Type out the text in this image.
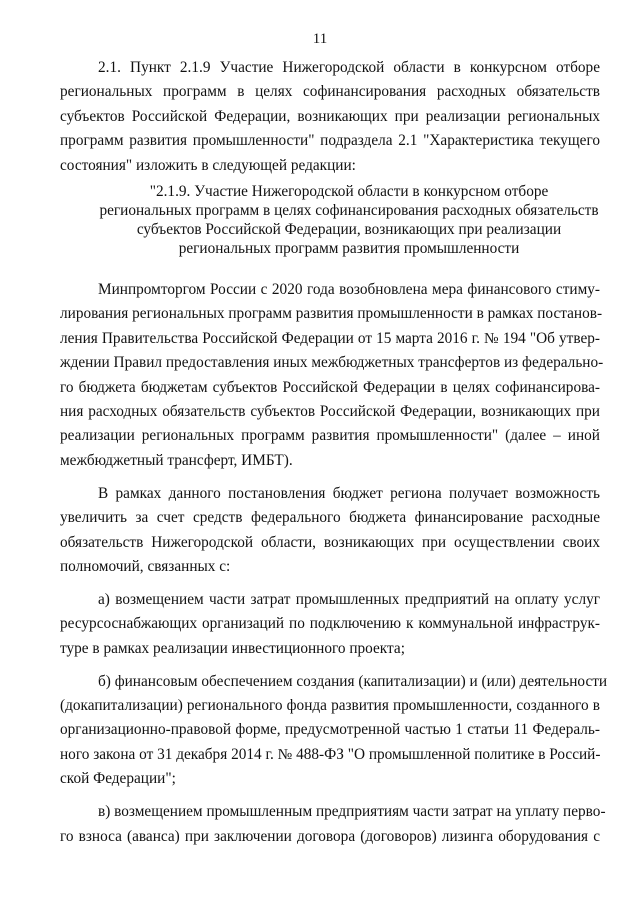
11
2.1. Пункт 2.1.9 Участие Нижегородской области в конкурсном отборе
региональных программ в целях софинансирования расходных обязательств
субъектов Российской Федерации, возникающих при реализации региональных
программ развития промышленности" подраздела 2.1 "Характеристика текущего
состояния" изложить в следующей редакции:
"2.1.9. Участие Нижегородской области в конкурсном отборе
региональных программ в целях софинансирования расходных обязательств
субъектов Российской Федерации, возникающих при реализации
региональных программ развития промышленности
Минпромторгом России с 2020 года возобновлена мера финансового стиму-
лирования региональных программ развития промышленности в рамках постанов-
ления Правительства Российской Федерации от 15 марта 2016 г. № 194 "Об утвер-
ждении Правил предоставления иных межбюджетных трансфертов из федерально-
го бюджета бюджетам субъектов Российской Федерации в целях софинансирова-
ния расходных обязательств субъектов Российской Федерации, возникающих при
реализации региональных программ развития промышленности" (далее – иной
межбюджетный трансферт, ИМБТ).
В рамках данного постановления бюджет региона получает возможность
увеличить за счет средств федерального бюджета финансирование расходные
обязательств Нижегородской области, возникающих при осуществлении своих
полномочий, связанных с:
а) возмещением части затрат промышленных предприятий на оплату услуг
ресурсоснабжающих организаций по подключению к коммунальной инфраструк-
туре в рамках реализации инвестиционного проекта;
б) финансовым обеспечением создания (капитализации) и (или) деятельности
(докапитализации) регионального фонда развития промышленности, созданного в
организационно-правовой форме, предусмотренной частью 1 статьи 11 Федераль-
ного закона от 31 декабря 2014 г. № 488-ФЗ "О промышленной политике в Россий-
ской Федерации";
в) возмещением промышленным предприятиям части затрат на уплату перво-
го взноса (аванса) при заключении договора (договоров) лизинга оборудования с
